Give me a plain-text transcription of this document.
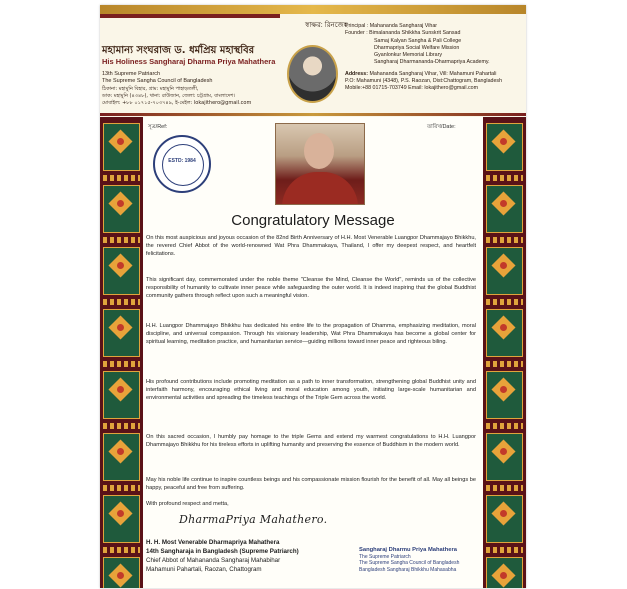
স্বাক্ষর: রিনজেহ
মহামান্য সংঘরাজ ড. ধর্মপ্রিয় মহাস্থবির
His Holiness Sangharaj Dharma Priya Mahathera
13th Supreme Patriarch
The Supreme Sangha Council of Bangladesh
ঠিকানা: মহামুনি বিহার, গ্রাম: মহামুনি পাহাড়তলী,
ডাক: মহামুনি (৪৩৪৮), থানা: রাউজান, জেলা: চট্টগ্রাম, বাংলাদেশ।
মোবাইল: +৮৮ ০১৭১৫-৭০৩৭৪৯, ই-মেইল: lokajithero@gmail.com
Principal : Mahananda Sangharaj Vihar
Founder : Bimalananda Shikkha Sunskrit Sansad
Samaj Kalyan Sangha & Pali College
Dharmapriya Social Welfare Mission
Gyanlonkur Memorial Library
Sangharaj Dharmananda-Dharmapriya Academy.
Address: Mahananda Sangharaj Vihar, Vill: Mahamuni Pahartali
P.O: Mahamuni (4348), P.S. Raozan, Dist:Chattogram, Bangladesh
Mobile:+88 01715-703749 Email: lokajithero@gmail.com
সূত্র/Ref:	তারিখ/Date:
ESTD: 1984
Congratulatory Message
On this most auspicious and joyous occasion of the 82nd Birth Anniversary of H.H. Most Venerable Luangpor Dhammajayo Bhikkhu, the revered Chief Abbot of the world-renowned Wat Phra Dhammakaya, Thailand, I offer my deepest respect, and heartfelt felicitations.
This significant day, commemorated under the noble theme "Cleanse the Mind, Cleanse the World", reminds us of the collective responsibility of humanity to cultivate inner peace while safeguarding the outer world. It is indeed inspiring that the global Buddhist community gathers through reflect upon such a meaningful vision.
H.H. Luangpor Dhammajayo Bhikkhu has dedicated his entire life to the propagation of Dhamma, emphasizing meditation, moral discipline, and universal compassion. Through his visionary leadership, Wat Phra Dhammakaya has become a global center for spiritual learning, meditation practice, and humanitarian service—guiding millions toward inner peace and righteous biling.
His profound contributions include promoting meditation as a path to inner transformation, strengthening global Buddhist unity and interfaith harmony, encouraging ethical living and moral education among youth, initiating large-scale humanitarian and environmental activities and spreading the timeless teachings of the Triple Gem across the world.
On this sacred occasion, I humbly pay homage to the triple Gems and extend my warmest congratulations to H.H. Luangpor Dhammajayo Bhikkhu for his tireless efforts in uplifting humanity and preserving the essence of Buddhism in the modern world.
May his noble life continue to inspire countless beings and his compassionate mission flourish for the benefit of all. May all beings be happy, peaceful and free from suffering.
With profound respect and metta,
DharmaPriya Mahathero.
H. H. Most Venerable Dharmapriya Mahathera
14th Sangharaja in Bangladesh (Supreme Patriarch)
Chief Abbot of Mahananda Sangharaj Mahabihar
Mahamuni Pahartali, Raozan, Chattogram
Sangharaj Dharmu Priya Mahathera
The Supreme Patriarch
The Supreme Sangha Council of Bangladesh
Bangladesh Sangharaj Bhikkhu Mahasabha
